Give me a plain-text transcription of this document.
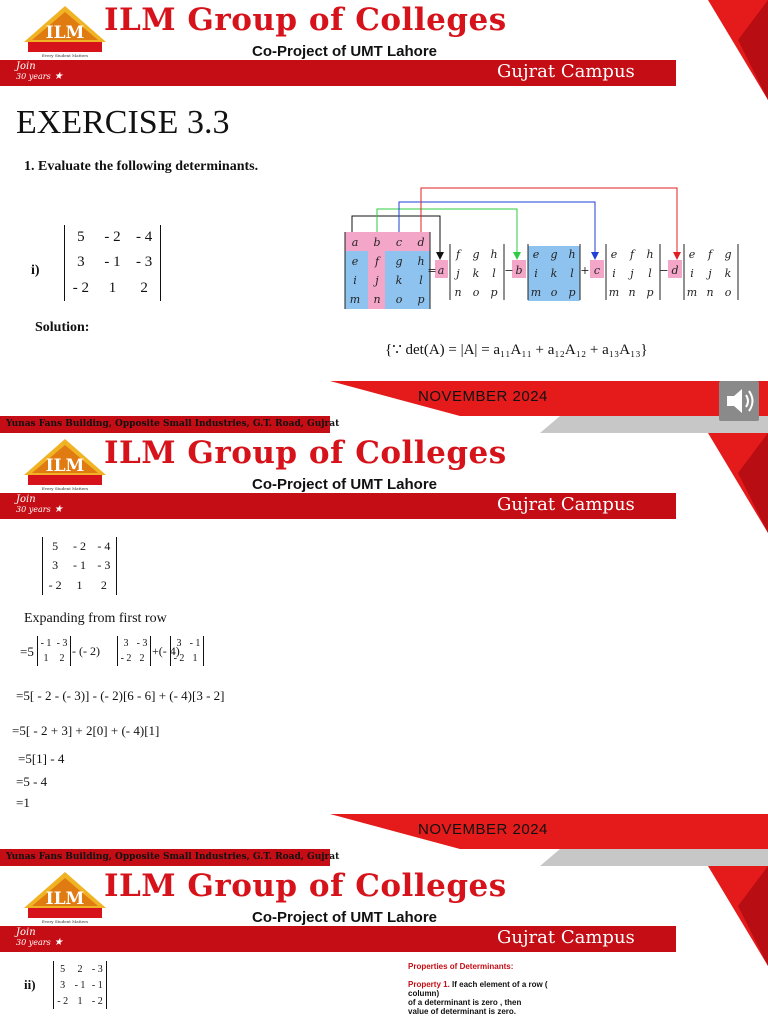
ILM
Every Student Matters
ILM Group of Colleges
Co-Project of UMT Lahore
Join
30 years ★	Gujrat Campus
EXERCISE 3.3
1. Evaluate the following determinants.
i)
5	- 2	- 4
3	- 1	- 3
- 2	1	2
Solution:
a b c d
e f g h
i j k l
m n o p
f g h
j k l
n o p
e g h
i k l
m o p
e f h
i j l
m n p
e f g
i j k
m n o
a	b	c	d
=	−	+	−
{∵ det(A) = |A| = a₁₁A₁₁ + a₁₂A₁₂ + a₁₃A₁₃}
Yunas Fans Building, Opposite Small Industries, G.T. Road, Gujrat
NOVEMBER 2024
ILM
Every Student Matters
ILM Group of Colleges
Co-Project of UMT Lahore
Join
30 years ★	Gujrat Campus
5	- 2	- 4
3	- 1	- 3
- 2	1	2
Expanding from first row
=5
- 1	- 3
1	2
- (- 2)
3	- 3
- 2	2
+(- 4)
3	- 1
- 2	1
=5[ - 2 - (- 3)] - (- 2)[6 - 6] + (- 4)[3 - 2]
=5[ - 2 + 3] + 2[0] + (- 4)[1]
=5[1] - 4
=5 - 4
=1
Yunas Fans Building, Opposite Small Industries, G.T. Road, Gujrat
NOVEMBER 2024
ILM
Every Student Matters
ILM Group of Colleges
Co-Project of UMT Lahore
Join
30 years ★	Gujrat Campus
ii)
5	2	- 3
3	- 1	- 1
- 2	1	- 2
Properties of Determinants:
Property 1. If each element of a row (
column)
of a determinant is zero , then
value of determinant is zero.
